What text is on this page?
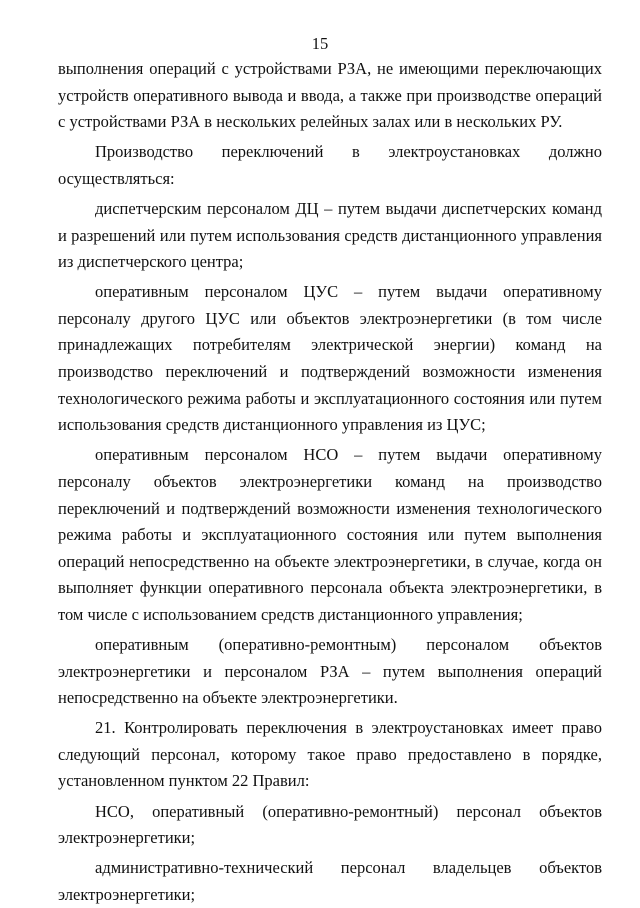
15

выполнения операций с устройствами РЗА, не имеющими переключающих устройств оперативного вывода и ввода, а также при производстве операций с устройствами РЗА в нескольких релейных залах или в нескольких РУ.

Производство переключений в электроустановках должно осуществляться:

диспетчерским персоналом ДЦ – путем выдачи диспетчерских команд и разрешений или путем использования средств дистанционного управления из диспетчерского центра;

оперативным персоналом ЦУС – путем выдачи оперативному персоналу другого ЦУС или объектов электроэнергетики (в том числе принадлежащих потребителям электрической энергии) команд на производство переключений и подтверждений возможности изменения технологического режима работы и эксплуатационного состояния или путем использования средств дистанционного управления из ЦУС;

оперативным персоналом НСО – путем выдачи оперативному персоналу объектов электроэнергетики команд на производство переключений и подтверждений возможности изменения технологического режима работы и эксплуатационного состояния или путем выполнения операций непосредственно на объекте электроэнергетики, в случае, когда он выполняет функции оперативного персонала объекта электроэнергетики, в том числе с использованием средств дистанционного управления;

оперативным (оперативно-ремонтным) персоналом объектов электроэнергетики и персоналом РЗА – путем выполнения операций непосредственно на объекте электроэнергетики.

21. Контролировать переключения в электроустановках имеет право следующий персонал, которому такое право предоставлено в порядке, установленном пунктом 22 Правил:

НСО, оперативный (оперативно-ремонтный) персонал объектов электроэнергетики;

административно-технический персонал владельцев объектов электроэнергетики;
